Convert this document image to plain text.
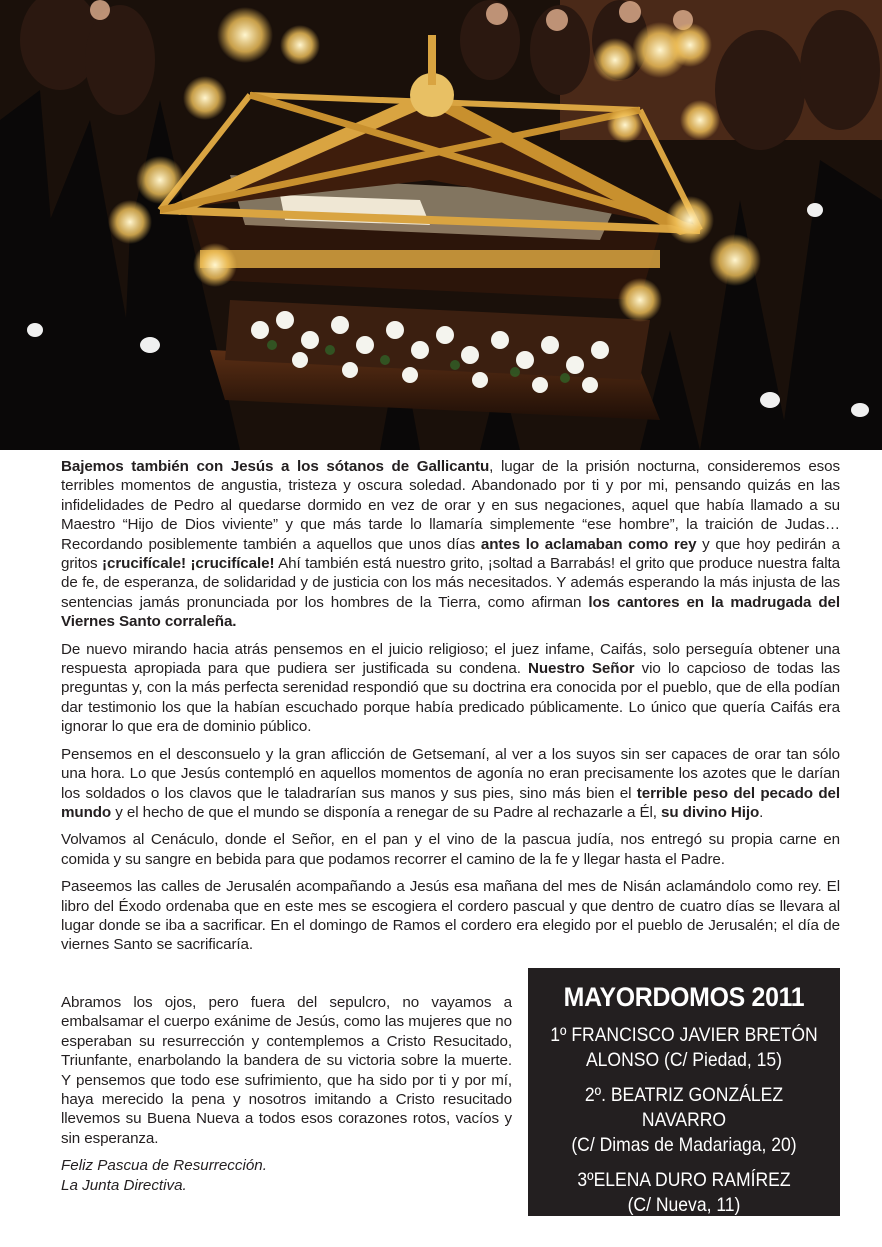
Bajemos también con Jesús a los sótanos de Gallicantu, lugar de la prisión nocturna, consideremos esos terribles momentos de angustia, tristeza y oscura soledad. Abandonado por ti y por mi, pensando quizás en las infidelidades de Pedro al quedarse dormido en vez de orar y en sus negaciones, aquel que había llamado a su Maestro “Hijo de Dios viviente” y que más tarde lo llamaría simplemente “ese hombre”, la traición de Judas… Recordando posiblemente también a aquellos que unos días antes lo aclamaban como rey y que hoy pedirán a gritos ¡crucifícale! ¡crucifícale! Ahí también está nuestro grito, ¡soltad a Barrabás! el grito que produce nuestra falta de fe, de esperanza, de solidaridad y de justicia con los más necesitados. Y además esperando la más injusta de las sentencias jamás pronunciada por los hombres de la Tierra, como afirman los cantores en la madrugada del Viernes Santo corraleña.

De nuevo mirando hacia atrás pensemos en el juicio religioso; el juez infame, Caifás, solo perseguía obtener una respuesta apropiada para que pudiera ser justificada su condena. Nuestro Señor vio lo capcioso de todas las preguntas y, con la más perfecta serenidad respondió que su doctrina era conocida por el pueblo, que de ella podían dar testimonio los que la habían escuchado porque había predicado públicamente. Lo único que quería Caifás era ignorar lo que era de dominio público.

Pensemos en el desconsuelo y la gran aflicción de Getsemaní, al ver a los suyos sin ser capaces de orar tan sólo una hora. Lo que Jesús contempló en aquellos momentos de agonía no eran precisamente los azotes que le darían los soldados o los clavos que le taladrarían sus manos y sus pies, sino más bien el terrible peso del pecado del mundo y el hecho de que el mundo se disponía a renegar de su Padre al rechazarle a Él, su divino Hijo.

Volvamos al Cenáculo, donde el Señor, en el pan y el vino de la pascua judía, nos entregó su propia carne en comida y su sangre en bebida para que podamos recorrer el camino de la fe y llegar hasta el Padre.

Paseemos las calles de Jerusalén acompañando a Jesús esa mañana del mes de Nisán aclamándolo como rey. El libro del Éxodo ordenaba que en este mes se escogiera el cordero pascual y que dentro de cuatro días se llevara al lugar donde se iba a sacrificar. En el domingo de Ramos el cordero era elegido por el pueblo de Jerusalén; el día de viernes Santo se sacrificaría.

Abramos los ojos, pero fuera del sepulcro, no vayamos a embalsamar el cuerpo exánime de Jesús, como las mujeres que no esperaban su resurrección y contemplemos a Cristo Resucitado, Triunfante, enarbolando la bandera de su victoria sobre la muerte. Y pensemos que todo ese sufrimiento, que ha sido por ti y por mí, haya merecido la pena y nosotros imitando a Cristo resucitado llevemos su Buena Nueva a todos esos corazones rotos, vacíos y sin esperanza.

Feliz Pascua de Resurrección.
La Junta Directiva.
MAYORDOMOS 2011
1º FRANCISCO JAVIER BRETÓN
ALONSO (C/ Piedad, 15)
2º. BEATRIZ GONZÁLEZ NAVARRO
(C/ Dimas de Madariaga, 20)
3ºELENA DURO RAMÍREZ
(C/ Nueva, 11)
